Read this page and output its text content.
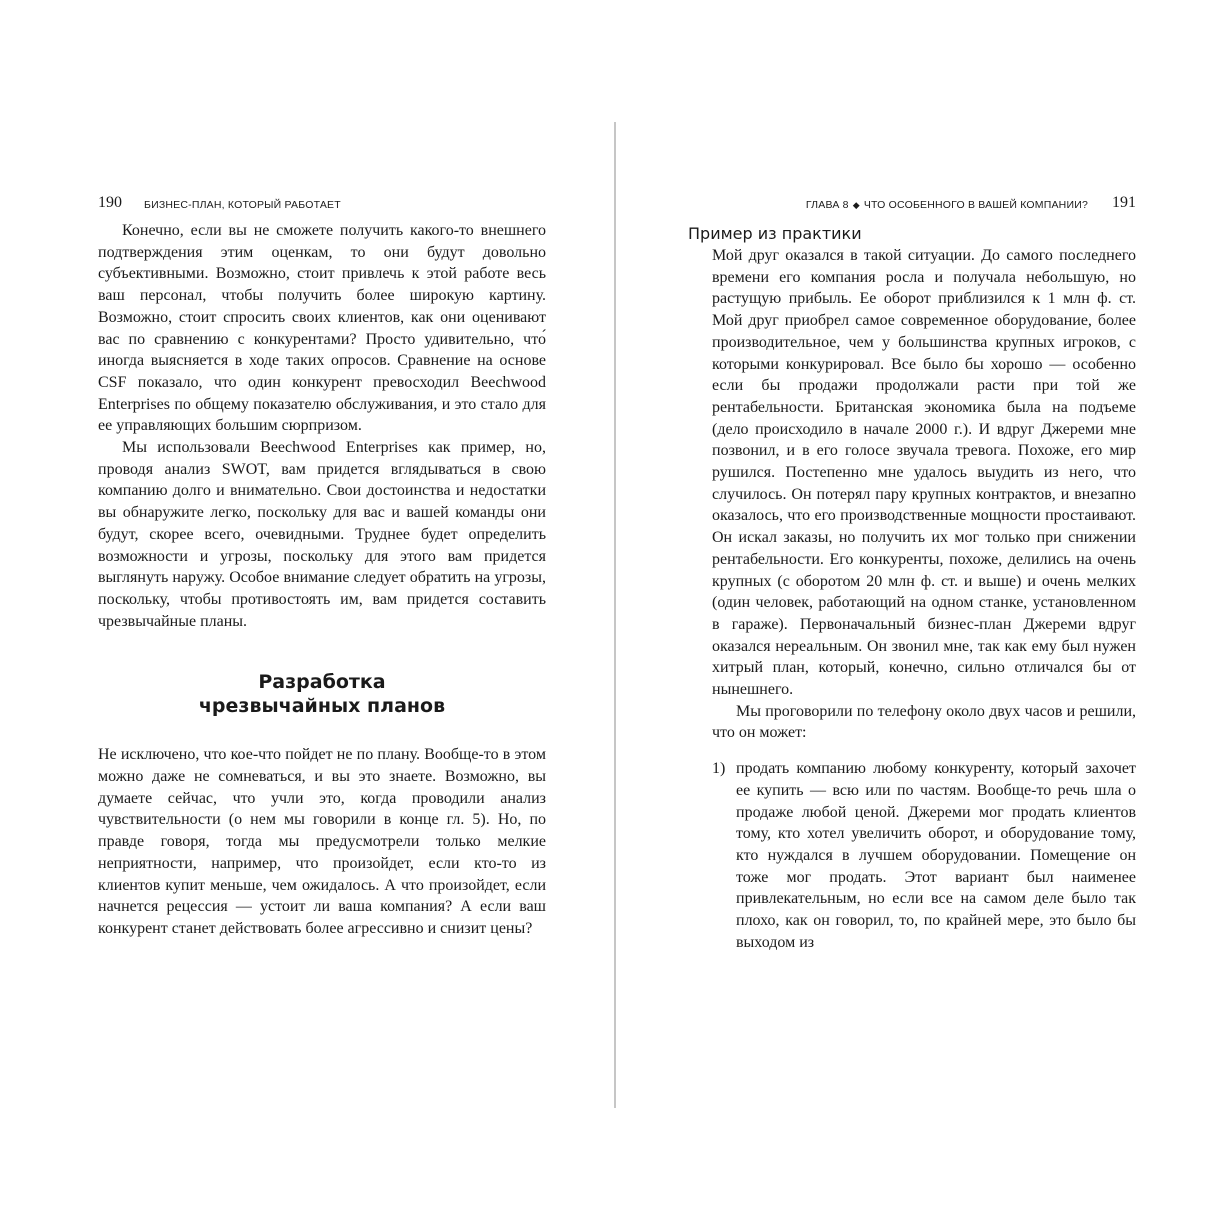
190 БИЗНЕС-ПЛАН, КОТОРЫЙ РАБОТАЕТ

Конечно, если вы не сможете получить какого-то внешнего подтверждения этим оценкам, то они будут довольно субъективными. Возможно, стоит привлечь к этой работе весь ваш персонал, чтобы получить более широкую картину. Возможно, стоит спросить своих клиентов, как они оценивают вас по сравнению с конкурентами? Просто удивительно, что́ иногда выясняется в ходе таких опросов. Сравнение на основе CSF показало, что один конкурент превосходил Beechwood Enterprises по общему показателю обслуживания, и это стало для ее управляющих большим сюрпризом.

Мы использовали Beechwood Enterprises как пример, но, проводя анализ SWOT, вам придется вглядываться в свою компанию долго и внимательно. Свои достоинства и недостатки вы обнаружите легко, поскольку для вас и вашей команды они будут, скорее всего, очевидными. Труднее будет определить возможности и угрозы, поскольку для этого вам придется выглянуть наружу. Особое внимание следует обратить на угрозы, поскольку, чтобы противостоять им, вам придется составить чрезвычайные планы.

Разработка
чрезвычайных планов

Не исключено, что кое-что пойдет не по плану. Вообще-то в этом можно даже не сомневаться, и вы это знаете. Возможно, вы думаете сейчас, что учли это, когда проводили анализ чувствительности (о нем мы говорили в конце гл. 5). Но, по правде говоря, тогда мы предусмотрели только мелкие неприятности, например, что произойдет, если кто-то из клиентов купит меньше, чем ожидалось. А что произойдет, если начнется рецессия — устоит ли ваша компания? А если ваш конкурент станет действовать более агрессивно и снизит цены?

ГЛАВА 8 ◆ ЧТО ОСОБЕННОГО В ВАШЕЙ КОМПАНИИ? 191
Пример из практики

Мой друг оказался в такой ситуации. До самого последнего времени его компания росла и получала небольшую, но растущую прибыль. Ее оборот приблизился к 1 млн ф. ст. Мой друг приобрел самое современное оборудование, более производительное, чем у большинства крупных игроков, с которыми конкурировал. Все было бы хорошо — особенно если бы продажи продолжали расти при той же рентабельности. Британская экономика была на подъеме (дело происходило в начале 2000 г.). И вдруг Джереми мне позвонил, и в его голосе звучала тревога. Похоже, его мир рушился. Постепенно мне удалось выудить из него, что случилось. Он потерял пару крупных контрактов, и внезапно оказалось, что его производственные мощности простаивают. Он искал заказы, но получить их мог только при снижении рентабельности. Его конкуренты, похоже, делились на очень крупных (с оборотом 20 млн ф. ст. и выше) и очень мелких (один человек, работающий на одном станке, установленном в гараже). Первоначальный бизнес-план Джереми вдруг оказался нереальным. Он звонил мне, так как ему был нужен хитрый план, который, конечно, сильно отличался бы от нынешнего.

Мы проговорили по телефону около двух часов и решили, что он может:

1) продать компанию любому конкуренту, который захочет ее купить — всю или по частям. Вообще-то речь шла о продаже любой ценой. Джереми мог продать клиентов тому, кто хотел увеличить оборот, и оборудование тому, кто нуждался в лучшем оборудовании. Помещение он тоже мог продать. Этот вариант был наименее привлекательным, но если все на самом деле было так плохо, как он говорил, то, по крайней мере, это было бы выходом из
